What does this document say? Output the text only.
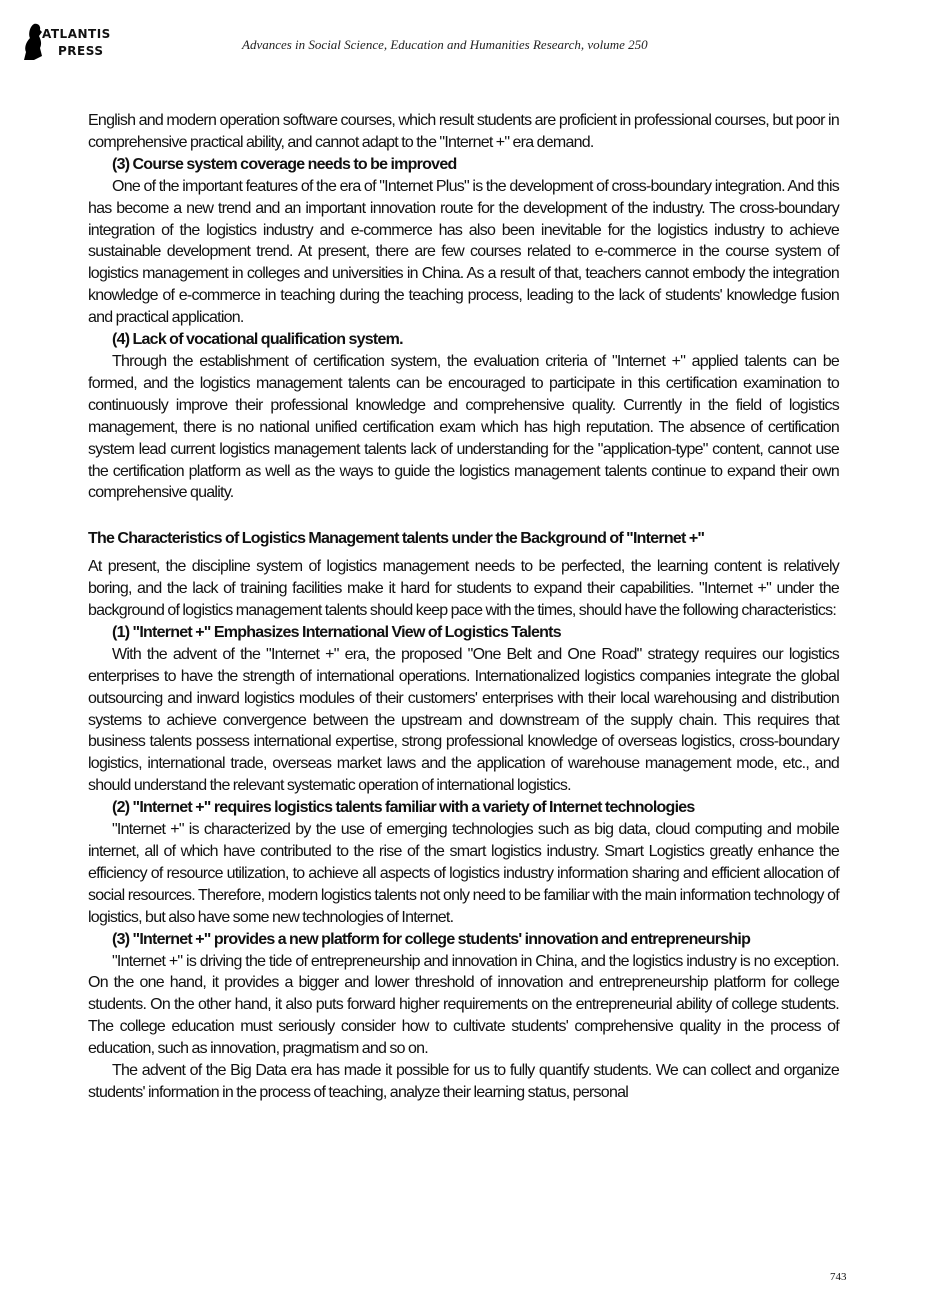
ATLANTIS
PRESS	Advances in Social Science, Education and Humanities Research, volume 250

English and modern operation software courses, which result students are proficient in professional courses, but poor in comprehensive practical ability, and cannot adapt to the "Internet +" era demand.

(3) Course system coverage needs to be improved

One of the important features of the era of "Internet Plus" is the development of cross-boundary integration. And this has become a new trend and an important innovation route for the development of the industry. The cross-boundary integration of the logistics industry and e-commerce has also been inevitable for the logistics industry to achieve sustainable development trend. At present, there are few courses related to e-commerce in the course system of logistics management in colleges and universities in China. As a result of that, teachers cannot embody the integration knowledge of e-commerce in teaching during the teaching process, leading to the lack of students' knowledge fusion and practical application.

(4) Lack of vocational qualification system.

Through the establishment of certification system, the evaluation criteria of "Internet +" applied talents can be formed, and the logistics management talents can be encouraged to participate in this certification examination to continuously improve their professional knowledge and comprehensive quality. Currently in the field of logistics management, there is no national unified certification exam which has high reputation. The absence of certification system lead current logistics management talents lack of understanding for the "application-type" content, cannot use the certification platform as well as the ways to guide the logistics management talents continue to expand their own comprehensive quality.

The Characteristics of Logistics Management talents under the Background of "Internet +"

At present, the discipline system of logistics management needs to be perfected, the learning content is relatively boring, and the lack of training facilities make it hard for students to expand their capabilities. "Internet +" under the background of logistics management talents should keep pace with the times, should have the following characteristics:

(1) "Internet +" Emphasizes International View of Logistics Talents

With the advent of the "Internet +" era, the proposed "One Belt and One Road" strategy requires our logistics enterprises to have the strength of international operations. Internationalized logistics companies integrate the global outsourcing and inward logistics modules of their customers' enterprises with their local warehousing and distribution systems to achieve convergence between the upstream and downstream of the supply chain. This requires that business talents possess international expertise, strong professional knowledge of overseas logistics, cross-boundary logistics, international trade, overseas market laws and the application of warehouse management mode, etc., and should understand the relevant systematic operation of international logistics.

(2) "Internet +" requires logistics talents familiar with a variety of Internet technologies

"Internet +" is characterized by the use of emerging technologies such as big data, cloud computing and mobile internet, all of which have contributed to the rise of the smart logistics industry. Smart Logistics greatly enhance the efficiency of resource utilization, to achieve all aspects of logistics industry information sharing and efficient allocation of social resources. Therefore, modern logistics talents not only need to be familiar with the main information technology of logistics, but also have some new technologies of Internet.

(3) "Internet +" provides a new platform for college students' innovation and entrepreneurship

"Internet +" is driving the tide of entrepreneurship and innovation in China, and the logistics industry is no exception. On the one hand, it provides a bigger and lower threshold of innovation and entrepreneurship platform for college students. On the other hand, it also puts forward higher requirements on the entrepreneurial ability of college students. The college education must seriously consider how to cultivate students' comprehensive quality in the process of education, such as innovation, pragmatism and so on.

The advent of the Big Data era has made it possible for us to fully quantify students. We can collect and organize students' information in the process of teaching, analyze their learning status, personal

743
